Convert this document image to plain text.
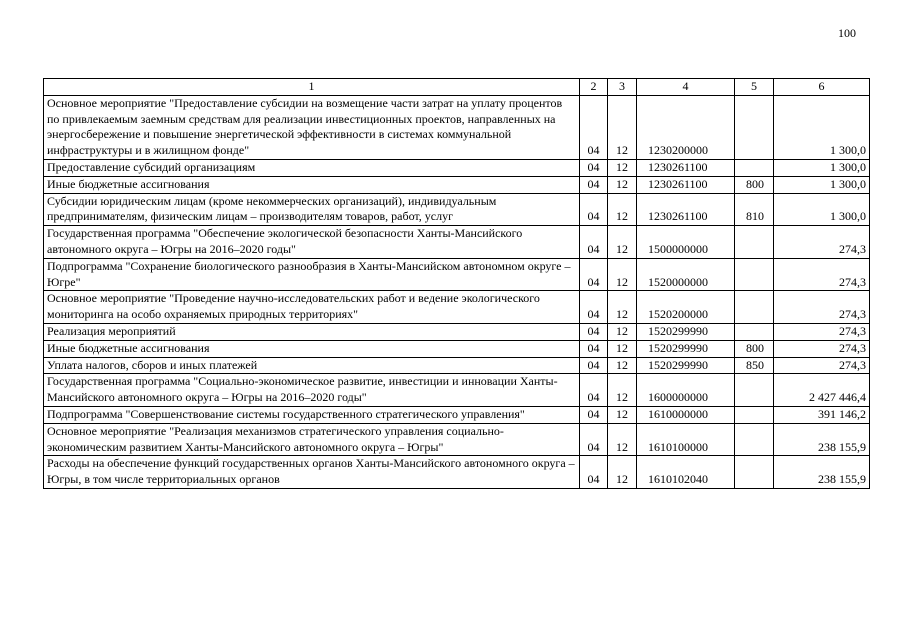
100
1	2	3	4	5	6
Основное мероприятие "Предоставление субсидии на возмещение части затрат на уплату процентов по привлекаемым заемным средствам для реализации инвестиционных проектов, направленных на энергосбережение и повышение энергетической эффективности в системах коммунальной инфраструктуры и в жилищном фонде"	04	12	1230200000		1 300,0
Предоставление субсидий организациям	04	12	1230261100		1 300,0
Иные бюджетные ассигнования	04	12	1230261100	800	1 300,0
Субсидии юридическим лицам (кроме некоммерческих организаций), индивидуальным предпринимателям, физическим лицам – производителям товаров, работ, услуг	04	12	1230261100	810	1 300,0
Государственная программа "Обеспечение экологической безопасности Ханты-Мансийского автономного округа – Югры на 2016–2020 годы"	04	12	1500000000		274,3
Подпрограмма "Сохранение биологического разнообразия в Ханты-Мансийском автономном округе – Югре"	04	12	1520000000		274,3
Основное мероприятие "Проведение научно-исследовательских работ и ведение экологического мониторинга на особо охраняемых природных территориях"	04	12	1520200000		274,3
Реализация мероприятий	04	12	1520299990		274,3
Иные бюджетные ассигнования	04	12	1520299990	800	274,3
Уплата налогов, сборов и иных платежей	04	12	1520299990	850	274,3
Государственная программа "Социально-экономическое развитие, инвестиции и инновации Ханты-Мансийского автономного округа – Югры на 2016–2020 годы"	04	12	1600000000		2 427 446,4
Подпрограмма "Совершенствование системы государственного стратегического управления"	04	12	1610000000		391 146,2
Основное мероприятие "Реализация механизмов стратегического управления социально-экономическим развитием Ханты-Мансийского автономного округа – Югры"	04	12	1610100000		238 155,9
Расходы на обеспечение функций государственных органов Ханты-Мансийского автономного округа – Югры, в том числе территориальных органов	04	12	1610102040		238 155,9
